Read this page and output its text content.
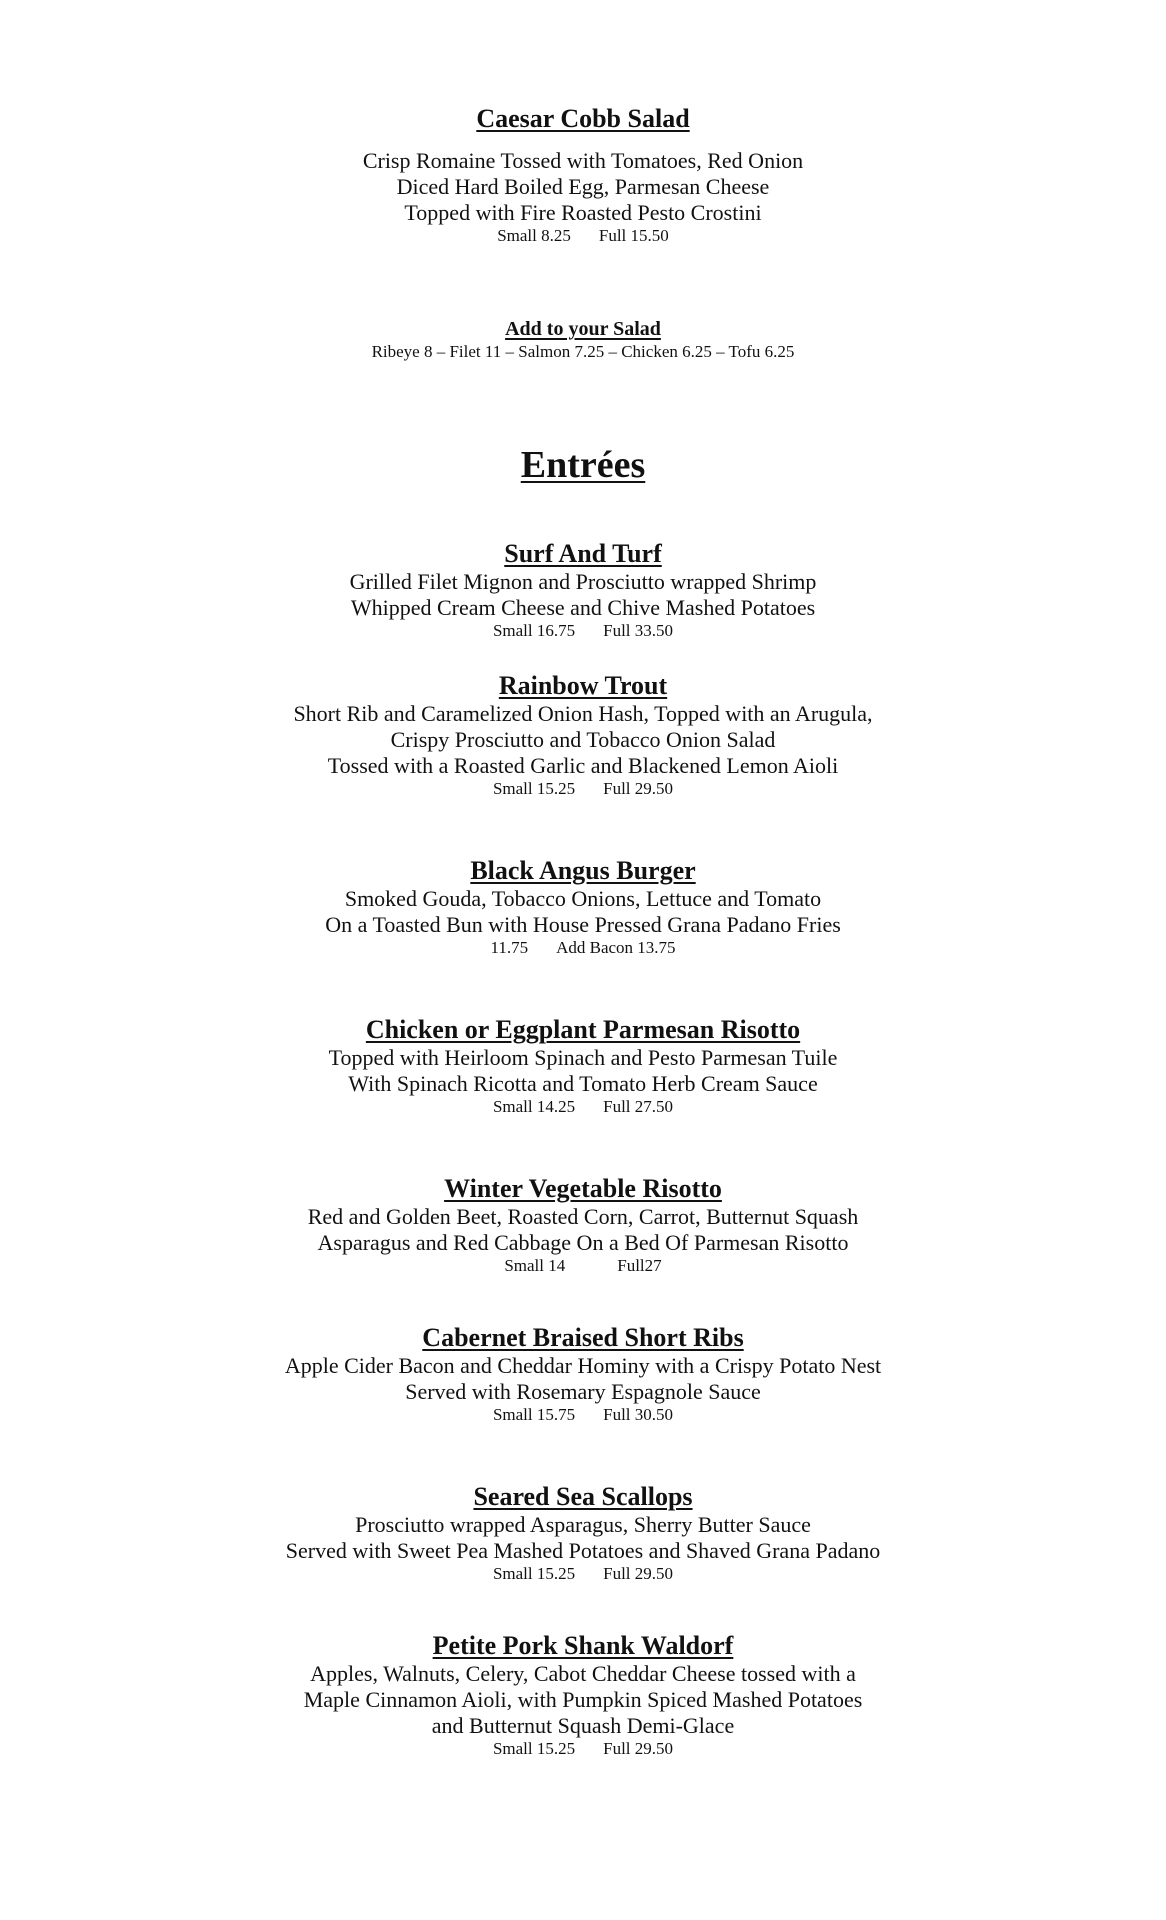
Caesar Cobb Salad
Crisp Romaine Tossed with Tomatoes, Red Onion
Diced Hard Boiled Egg, Parmesan Cheese
Topped with Fire Roasted Pesto Crostini
Small 8.25 Full 15.50
Add to your Salad
Ribeye 8 – Filet 11 – Salmon 7.25 – Chicken 6.25 – Tofu 6.25
Entrées
Surf And Turf
Grilled Filet Mignon and Prosciutto wrapped Shrimp
Whipped Cream Cheese and Chive Mashed Potatoes
Small 16.75 Full 33.50
Rainbow Trout
Short Rib and Caramelized Onion Hash, Topped with an Arugula,
Crispy Prosciutto and Tobacco Onion Salad
Tossed with a Roasted Garlic and Blackened Lemon Aioli
Small 15.25 Full 29.50
Black Angus Burger
Smoked Gouda, Tobacco Onions, Lettuce and Tomato
On a Toasted Bun with House Pressed Grana Padano Fries
11.75 Add Bacon 13.75
Chicken or Eggplant Parmesan Risotto
Topped with Heirloom Spinach and Pesto Parmesan Tuile
With Spinach Ricotta and Tomato Herb Cream Sauce
Small 14.25 Full 27.50
Winter Vegetable Risotto
Red and Golden Beet, Roasted Corn, Carrot, Butternut Squash
Asparagus and Red Cabbage On a Bed Of Parmesan Risotto
Small 14	Full27
Cabernet Braised Short Ribs
Apple Cider Bacon and Cheddar Hominy with a Crispy Potato Nest
Served with Rosemary Espagnole Sauce
Small 15.75 Full 30.50
Seared Sea Scallops
Prosciutto wrapped Asparagus, Sherry Butter Sauce
Served with Sweet Pea Mashed Potatoes and Shaved Grana Padano
Small 15.25 Full 29.50
Petite Pork Shank Waldorf
Apples, Walnuts, Celery, Cabot Cheddar Cheese tossed with a
Maple Cinnamon Aioli, with Pumpkin Spiced Mashed Potatoes
and Butternut Squash Demi-Glace
Small 15.25 Full 29.50
